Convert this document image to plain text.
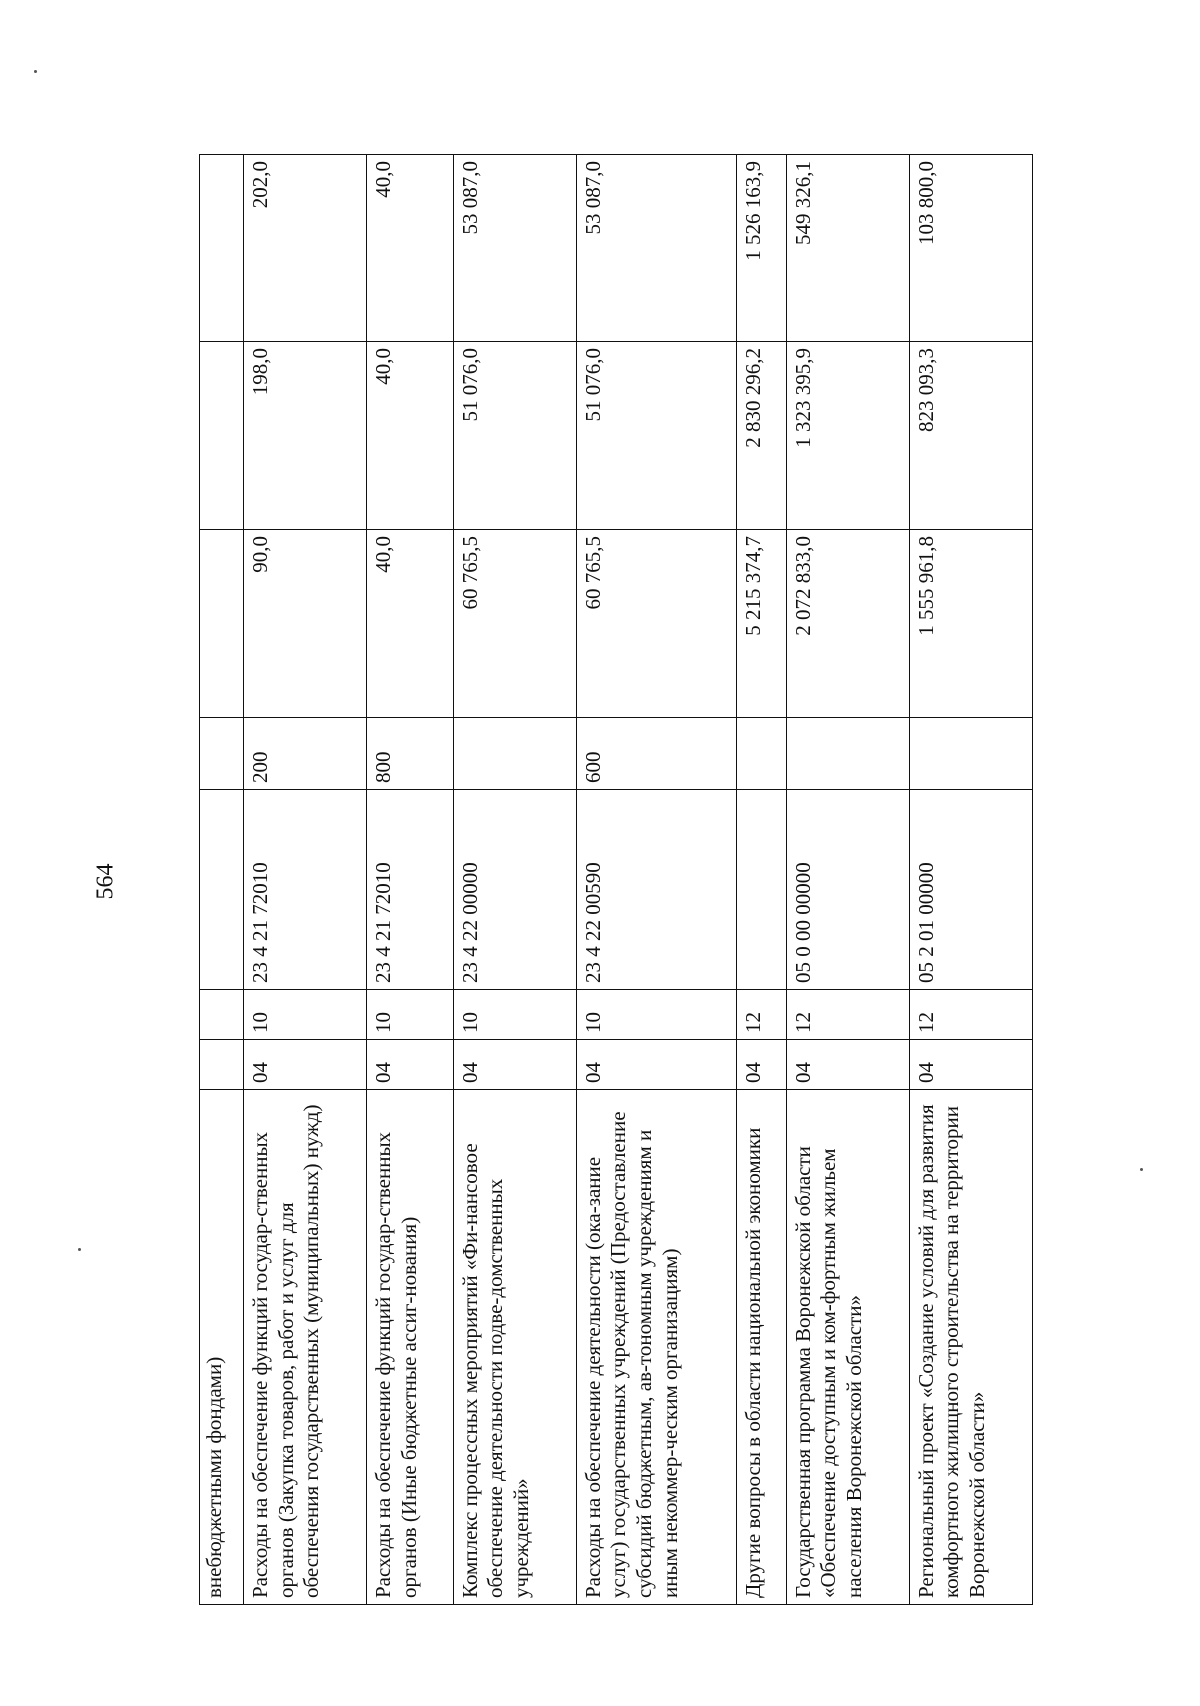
564
внебюджетными фондами)							
Расходы на обеспечение функций государ-ственных органов (Закупка товаров, работ и услуг для обеспечения государственных (муниципальных) нужд)	04	10	23 4 21 72010	200	90,0	198,0	202,0
Расходы на обеспечение функций государ-ственных органов (Иные бюджетные ассиг-нования)	04	10	23 4 21 72010	800	40,0	40,0	40,0
Комплекс процессных мероприятий «Фи-нансовое обеспечение деятельности подве-домственных учреждений»	04	10	23 4 22 00000		60 765,5	51 076,0	53 087,0
Расходы на обеспечение деятельности (ока-зание услуг) государственных учреждений (Предоставление субсидий бюджетным, ав-тономным учреждениям и иным некоммер-ческим организациям)	04	10	23 4 22 00590	600	60 765,5	51 076,0	53 087,0
Другие вопросы в области национальной экономики	04	12			5 215 374,7	2 830 296,2	1 526 163,9
Государственная программа Воронежской области «Обеспечение доступным и ком-фортным жильем населения Воронежской области»	04	12	05 0 00 00000		2 072 833,0	1 323 395,9	549 326,1
Региональный проект «Создание условий для развития комфортного жилищного строительства на территории Воронежской области»	04	12	05 2 01 00000		1 555 961,8	823 093,3	103 800,0
